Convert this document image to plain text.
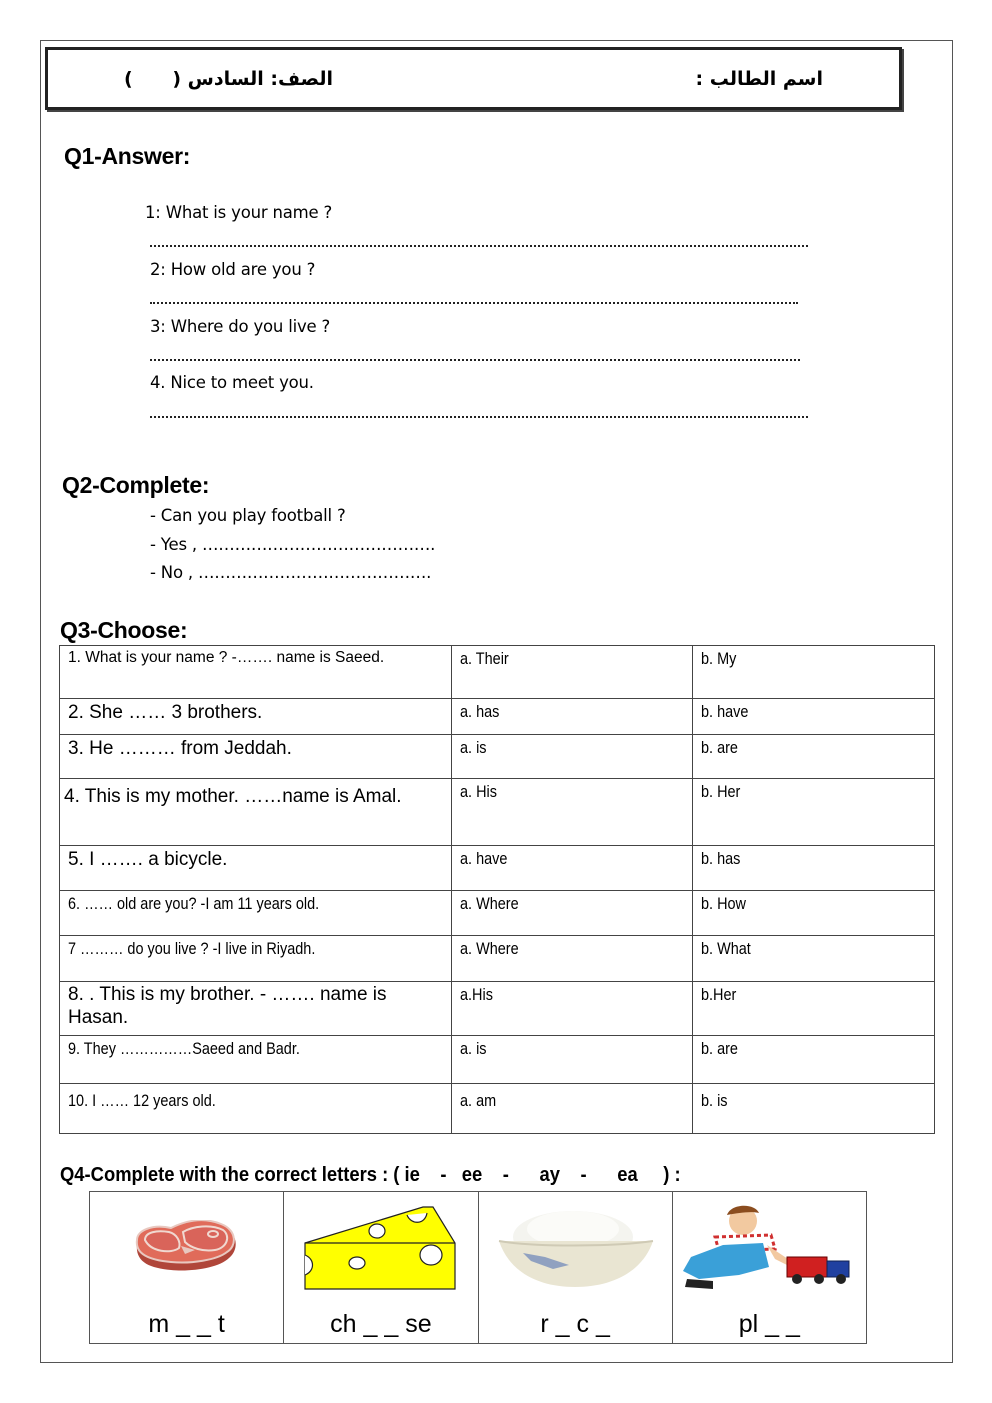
اسم الطالب :
الصف: السادس (      )
Q1-Answer:
1: What is your name ?
2: How old are you ?
3: Where do you live ?
4. Nice to meet you.
Q2-Complete:
- Can you play football ?
- Yes , …………………………………….
- No , …………………………………….
Q3-Choose:
1. What is your name ? -……. name is Saeed.	a. Their	b. My
2. She …… 3 brothers.	a. has	b. have
3. He ……… from Jeddah.	a. is	b. are
4. This is my mother. ……name is Amal.	a. His	b. Her
5. I ……. a bicycle.	a. have	b. has
6. …… old are you? -I am 11 years old.	a. Where	b. How
7 ……… do you live ? -I live in Riyadh.	a. Where	b. What
8. . This is my brother. - ……. name is Hasan.	a.His	b.Her
9. They ……………Saeed and Badr.	a. is	b. are
10. I …… 12 years old.	a. am	b. is
Q4-Complete with the correct letters : ( ie    -   ee    -      ay    -      ea     ) :
m _ _ t	ch _ _ se	r _ c _	pl _ _
